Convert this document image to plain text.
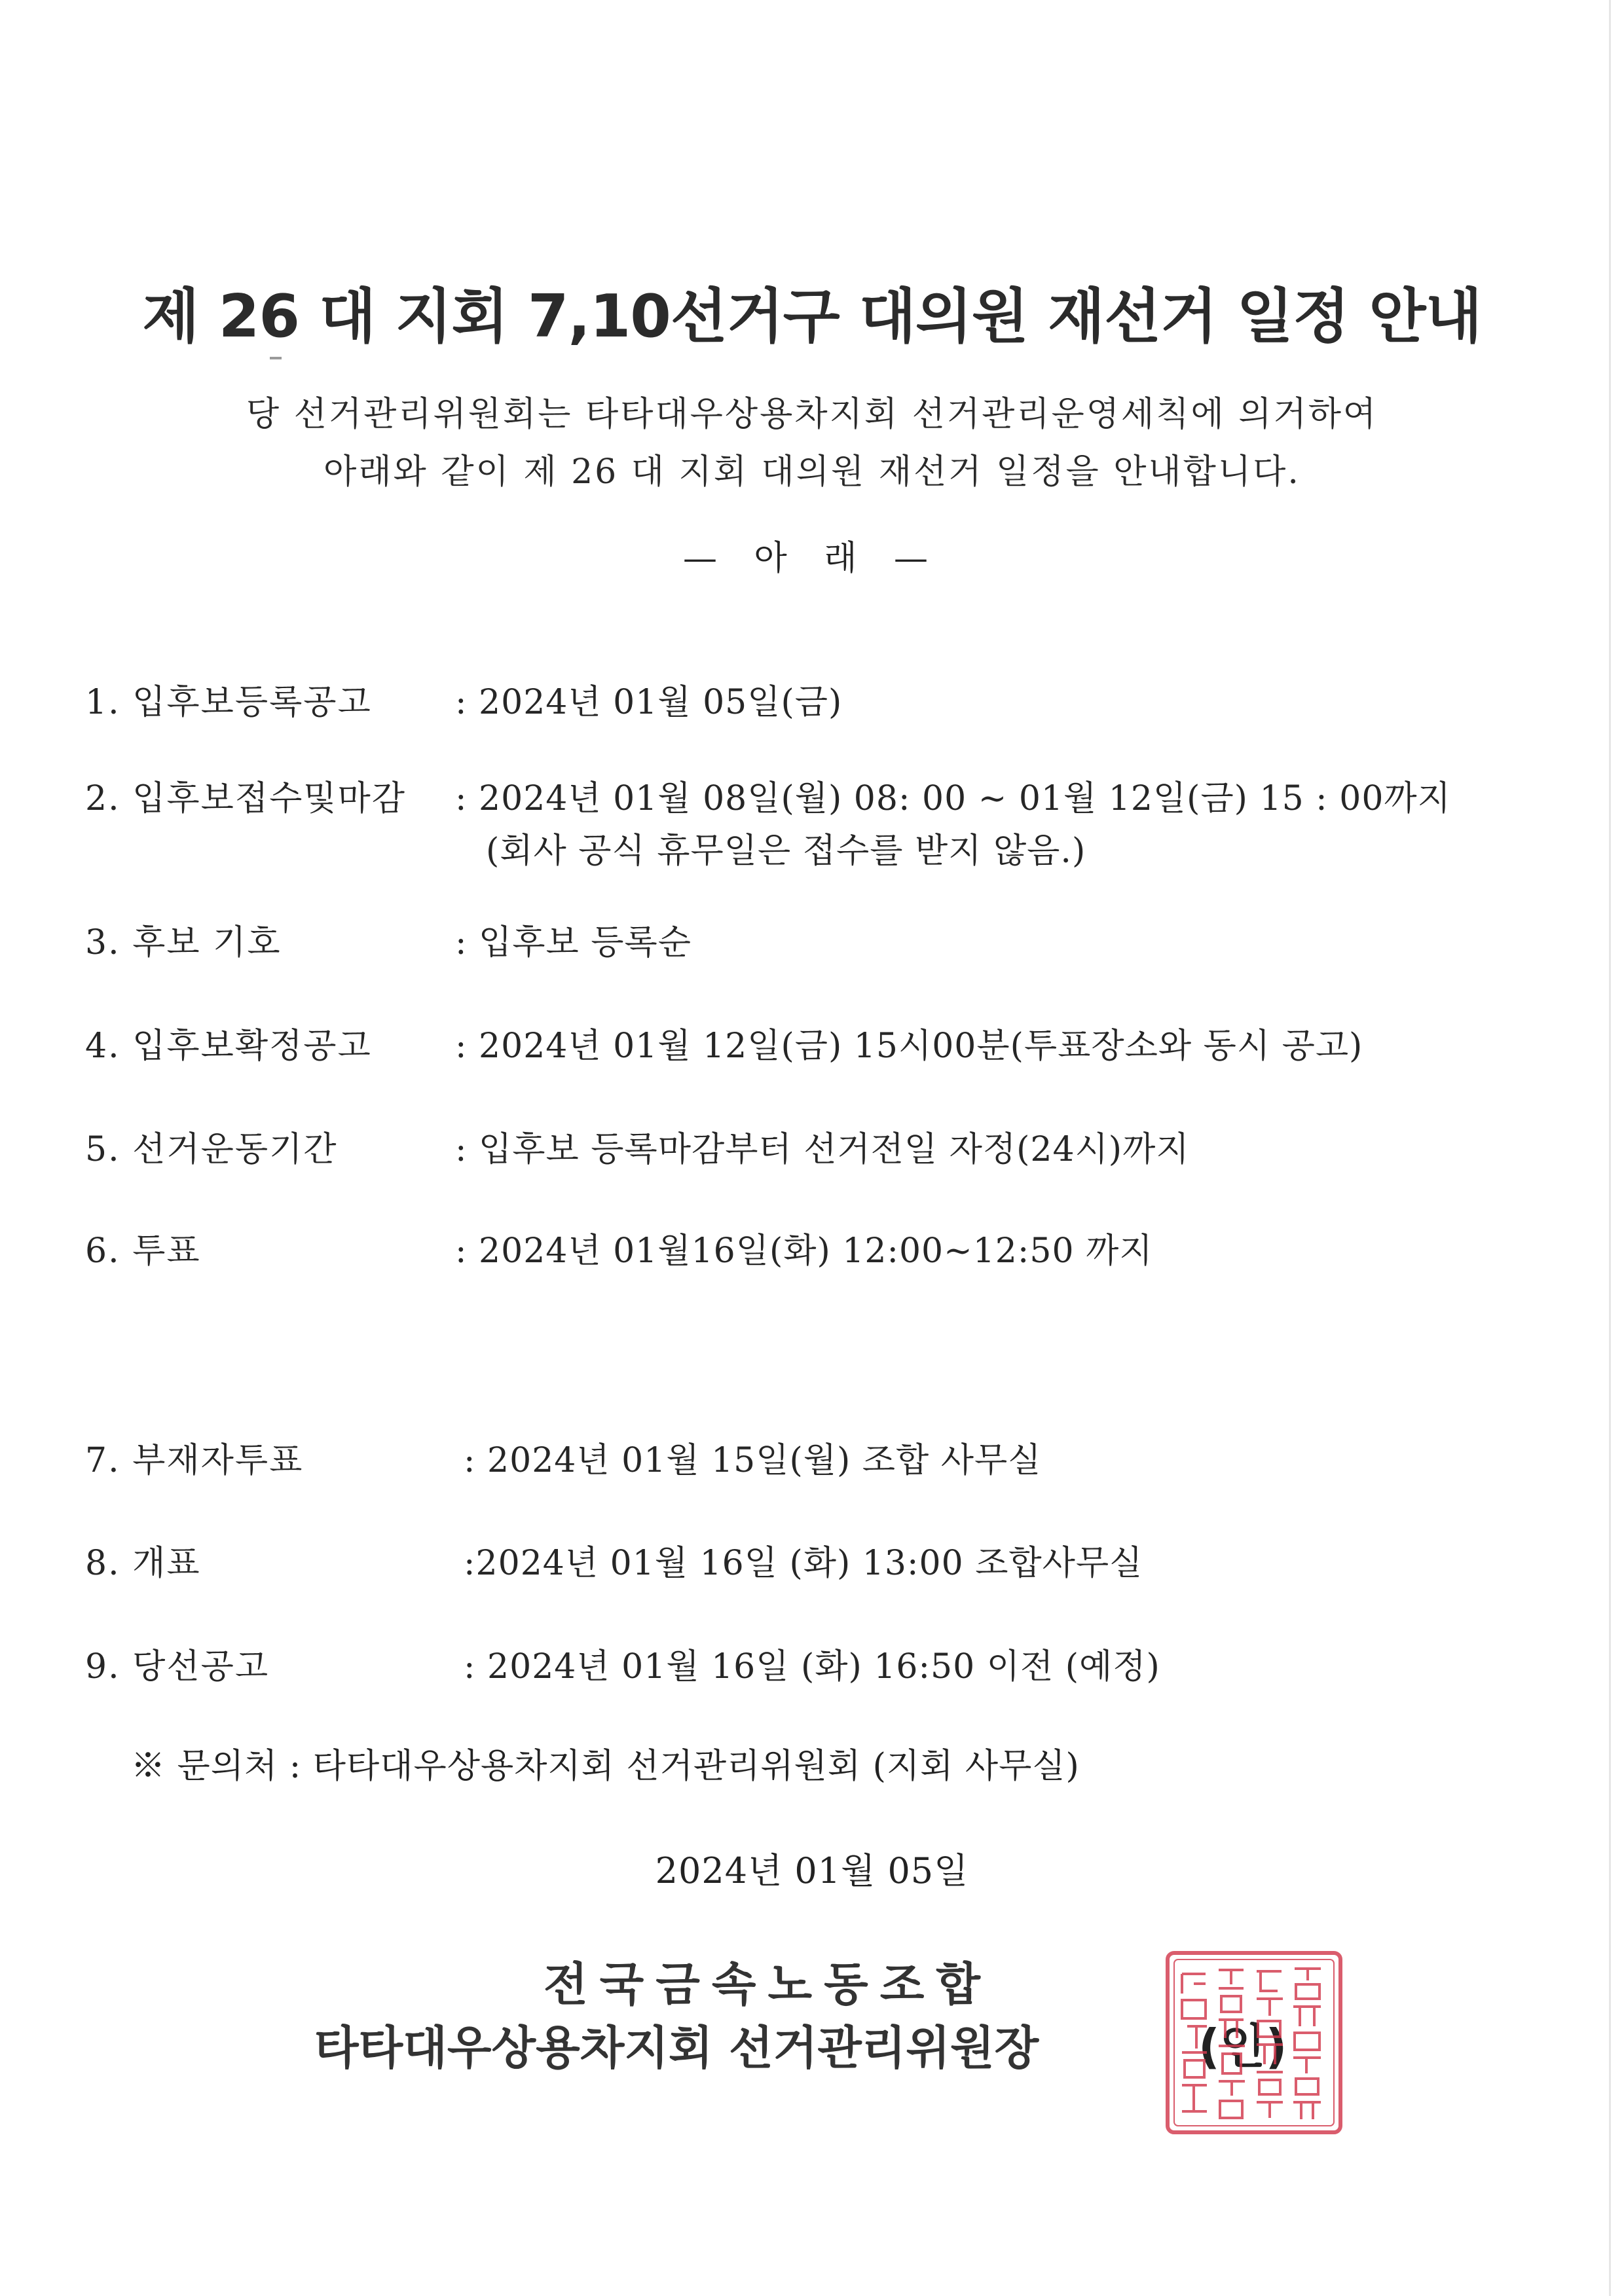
제 26 대 지회 7,10선거구 대의원 재선거 일정 안내
당 선거관리위원회는 타타대우상용차지회 선거관리운영세칙에 의거하여
아래와 같이 제 26 대 지회 대의원 재선거 일정을 안내합니다.
— 아 래 —
1. 입후보등록공고 : 2024년 01월 05일(금)
2. 입후보접수및마감 : 2024년 01월 08일(월) 08: 00 ~ 01월 12일(금) 15 : 00까지
(회사 공식 휴무일은 접수를 받지 않음.)
3. 후보 기호	: 입후보 등록순
4. 입후보확정공고 : 2024년 01월 12일(금) 15시00분(투표장소와 동시 공고)
5. 선거운동기간	: 입후보 등록마감부터 선거전일 자정(24시)까지
6. 투표	: 2024년 01월16일(화) 12:00~12:50 까지
7. 부재자투표	: 2024년 01월 15일(월) 조합 사무실
8. 개표	:2024년 01월 16일 (화) 13:00 조합사무실
9. 당선공고	: 2024년 01월 16일 (화) 16:50 이전 (예정)
※ 문의처 : 타타대우상용차지회 선거관리위원회 (지회 사무실)
2024년 01월 05일
전국금속노동조합
타타대우상용차지회 선거관리위원장	(인)
